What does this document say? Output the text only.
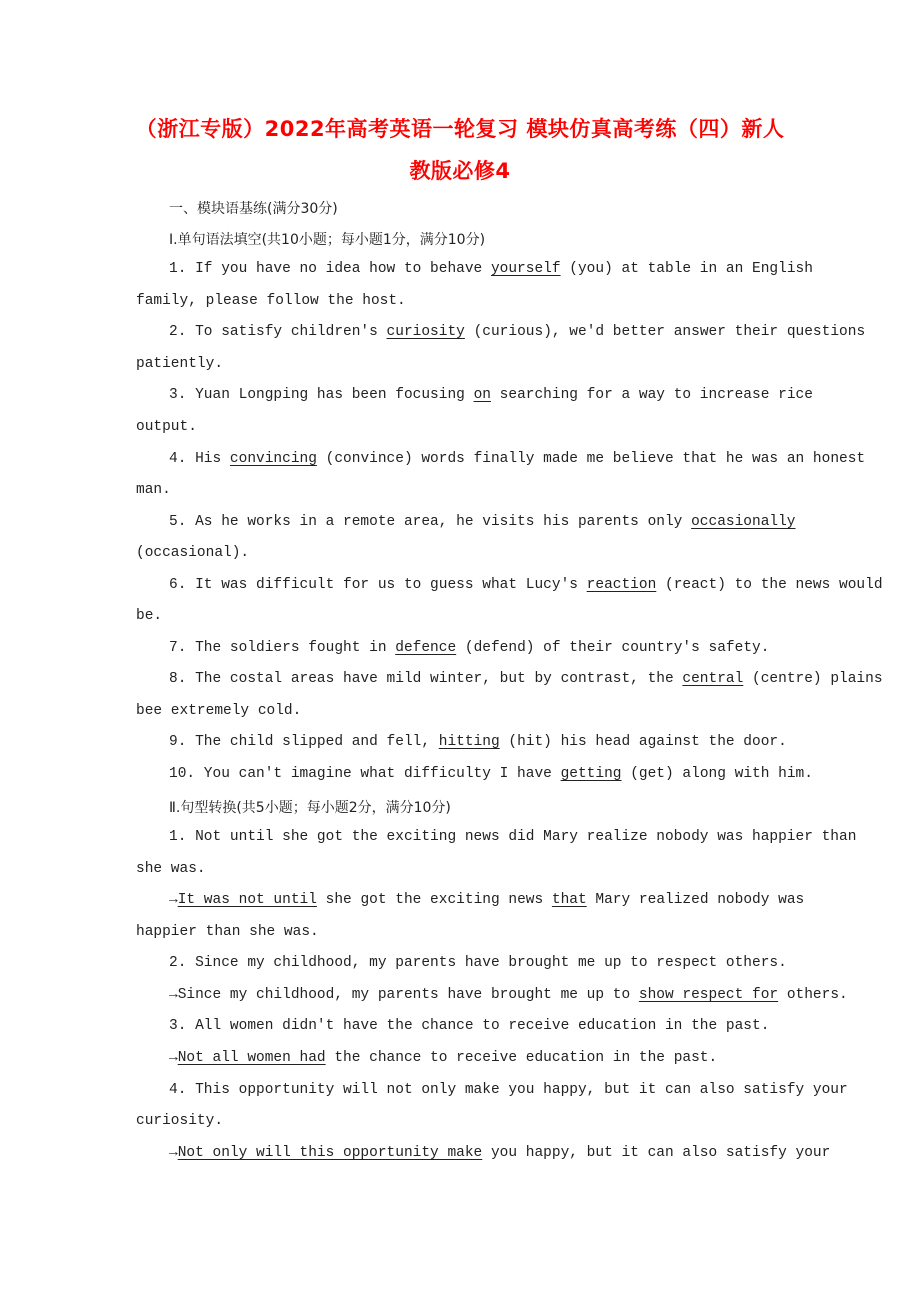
（浙江专版）2022年高考英语一轮复习 模块仿真高考练（四）新人
教版必修4
一、模块语基练(满分30分)
Ⅰ.单句语法填空(共10小题；每小题1分，满分10分)
1. If you have no idea how to behave yourself (you) at table in an English
family, please follow the host.
2. To satisfy children's curiosity (curious), we'd better answer their questions
patiently.
3. Yuan Longping has been focusing on searching for a way to increase rice
output.
4. His convincing (convince) words finally made me believe that he was an honest
man.
5. As he works in a remote area, he visits his parents only occasionally
(occasional).
6. It was difficult for us to guess what Lucy's reaction (react) to the news would
be.
7. The soldiers fought in defence (defend) of their country's safety.
8. The costal areas have mild winter, but by contrast, the central (centre) plains
bee extremely cold.
9. The child slipped and fell, hitting (hit) his head against the door.
10. You can't imagine what difficulty I have getting (get) along with him.
Ⅱ.句型转换(共5小题；每小题2分，满分10分)
1. Not until she got the exciting news did Mary realize nobody was happier than
she was.
→It was not until she got the exciting news that Mary realized nobody was
happier than she was.
2. Since my childhood, my parents have brought me up to respect others.
→Since my childhood, my parents have brought me up to show respect for others.
3. All women didn't have the chance to receive education in the past.
→Not all women had the chance to receive education in the past.
4. This opportunity will not only make you happy, but it can also satisfy your
curiosity.
→Not only will this opportunity make you happy, but it can also satisfy your
